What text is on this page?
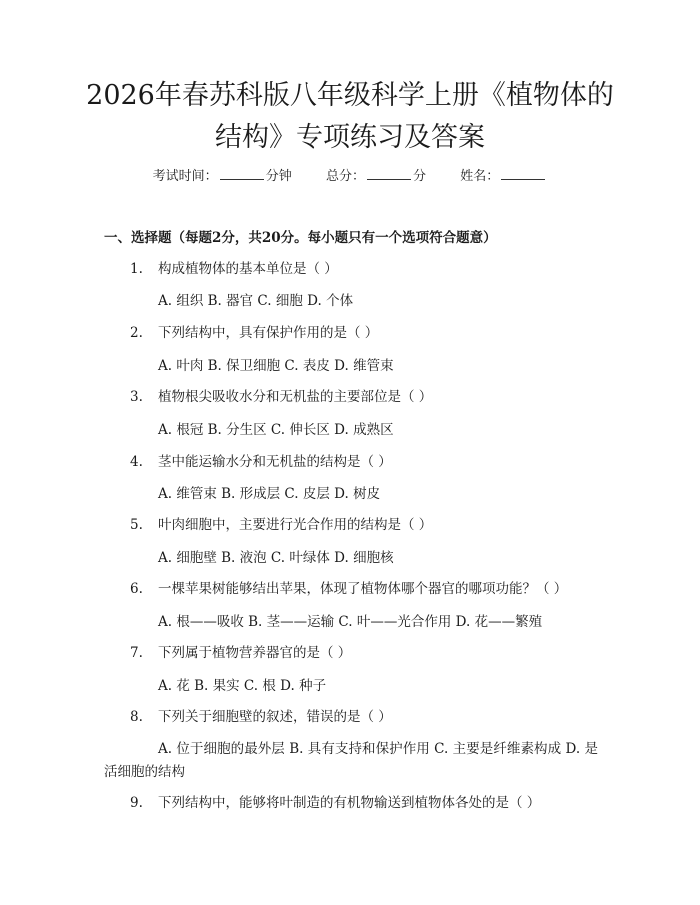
2026年春苏科版八年级科学上册《植物体的
结构》专项练习及答案
考试时间：	分钟	总分：	分	姓名：
一、选择题（每题2分，共20分。每小题只有一个选项符合题意）
1. 构成植物体的基本单位是（ ）
A. 组织 B. 器官 C. 细胞 D. 个体
2. 下列结构中，具有保护作用的是（ ）
A. 叶肉 B. 保卫细胞 C. 表皮 D. 维管束
3. 植物根尖吸收水分和无机盐的主要部位是（ ）
A. 根冠 B. 分生区 C. 伸长区 D. 成熟区
4. 茎中能运输水分和无机盐的结构是（ ）
A. 维管束 B. 形成层 C. 皮层 D. 树皮
5. 叶肉细胞中，主要进行光合作用的结构是（ ）
A. 细胞壁 B. 液泡 C. 叶绿体 D. 细胞核
6. 一棵苹果树能够结出苹果，体现了植物体哪个器官的哪项功能？（ ）
A. 根——吸收 B. 茎——运输 C. 叶——光合作用 D. 花——繁殖
7. 下列属于植物营养器官的是（ ）
A. 花 B. 果实 C. 根 D. 种子
8. 下列关于细胞壁的叙述，错误的是（ ）
A. 位于细胞的最外层 B. 具有支持和保护作用 C. 主要是纤维素构成 D. 是活细胞的结构
9. 下列结构中，能够将叶制造的有机物输送到植物体各处的是（ ）
